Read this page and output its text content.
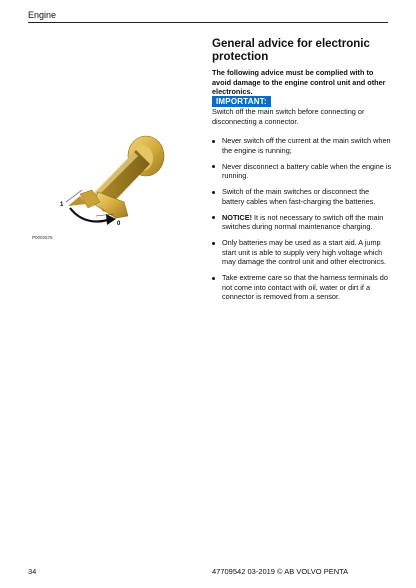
Engine
General advice for electronic protection
The following advice must be complied with to avoid damage to the engine control unit and other electronics.
IMPORTANT:
Switch off the main switch before connecting or disconnecting a connector.
Never switch off the current at the main switch when the engine is running;
Never disconnect a battery cable when the engine is running.
Switch of the main switches or disconnect the battery cables when fast-charging the batteries.
NOTICE! It is not necessary to switch off the main switches during normal maintenance charging.
Only batteries may be used as a start aid. A jump start unit is able to supply very high voltage which may damage the control unit and other electronics.
Take extreme care so that the harness terminals do not come into contact with oil, water or dirt if a connector is removed from a sensor.
1
0
P0002576
34	47709542 03-2019 © AB VOLVO PENTA
